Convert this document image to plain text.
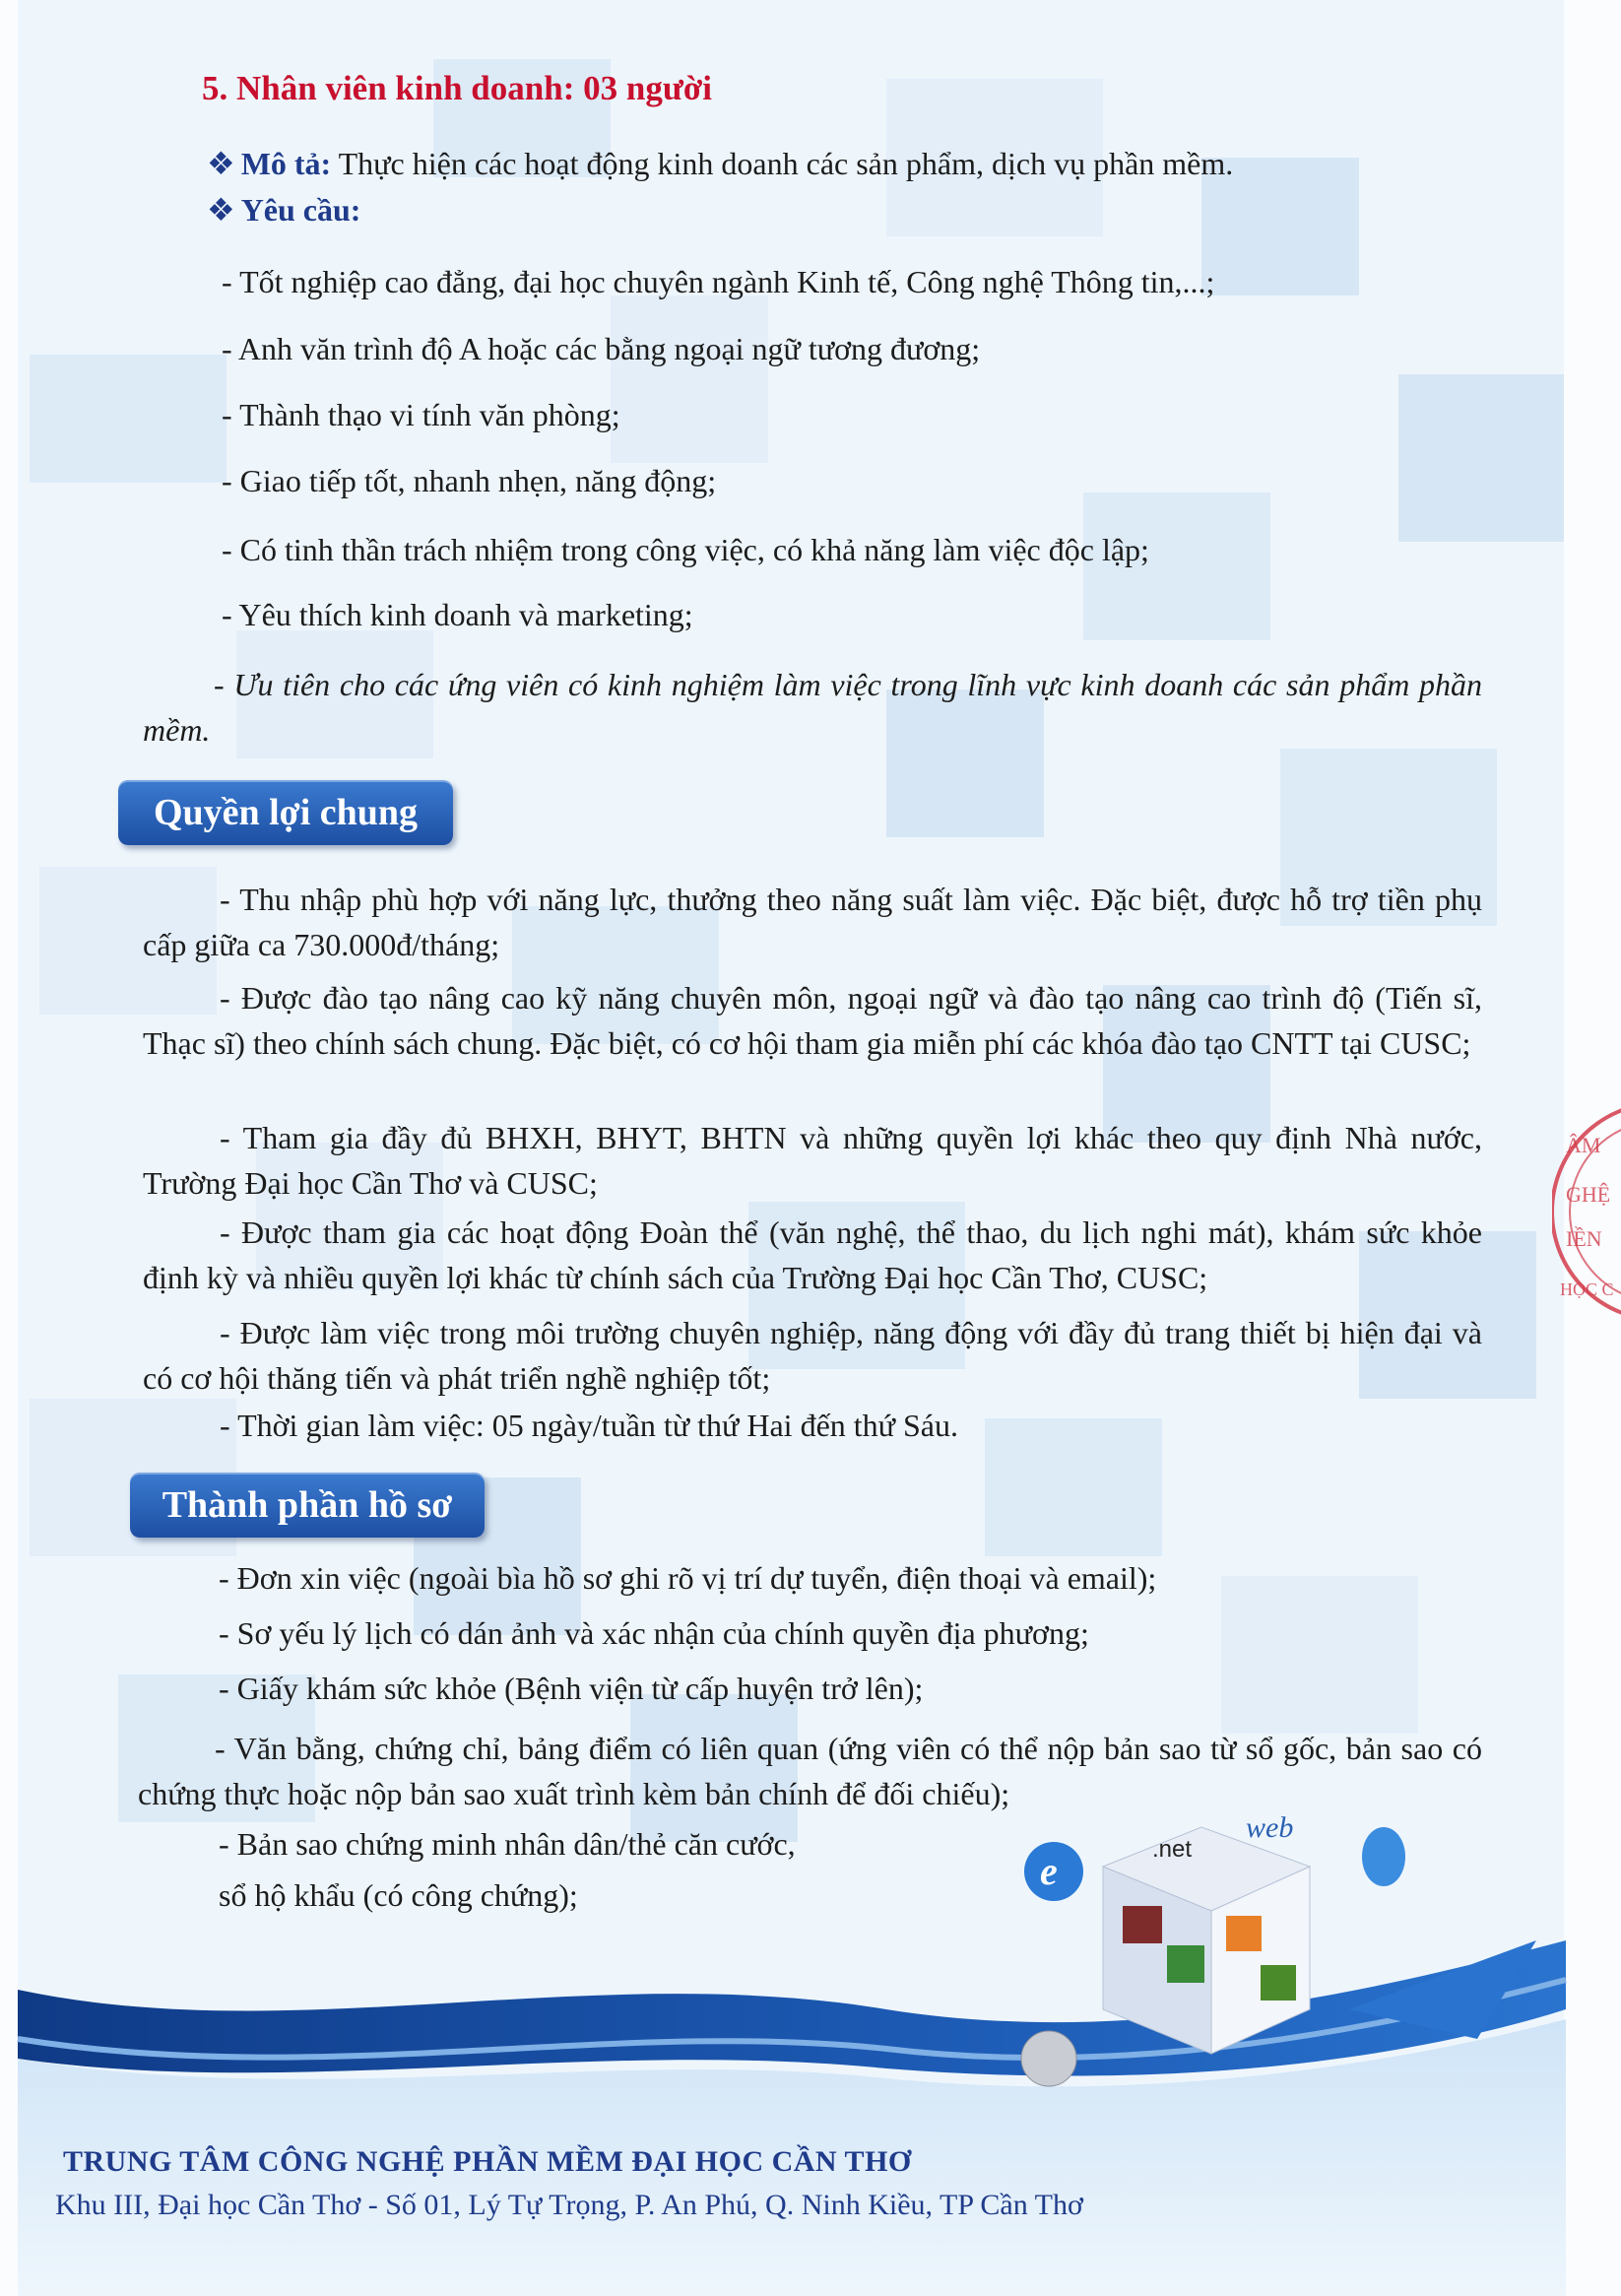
.net
web
e
ÂM
GHỆ
IỀN
HỌC C
5. Nhân viên kinh doanh: 03 người
❖ Mô tả: Thực hiện các hoạt động kinh doanh các sản phẩm, dịch vụ phần mềm.
❖ Yêu cầu:
- Tốt nghiệp cao đẳng, đại học chuyên ngành Kinh tế, Công nghệ Thông tin,...;
- Anh văn trình độ A hoặc các bằng ngoại ngữ tương đương;
- Thành thạo vi tính văn phòng;
- Giao tiếp tốt, nhanh nhẹn, năng động;
- Có tinh thần trách nhiệm trong công việc, có khả năng làm việc độc lập;
- Yêu thích kinh doanh và marketing;
- Ưu tiên cho các ứng viên có kinh nghiệm làm việc trong lĩnh vực kinh doanh các sản phẩm phần mềm.
Quyền lợi chung
- Thu nhập phù hợp với năng lực, thưởng theo năng suất làm việc. Đặc biệt, được hỗ trợ tiền phụ cấp giữa ca 730.000đ/tháng;
- Được đào tạo nâng cao kỹ năng chuyên môn, ngoại ngữ và đào tạo nâng cao trình độ (Tiến sĩ, Thạc sĩ) theo chính sách chung. Đặc biệt, có cơ hội tham gia miễn phí các khóa đào tạo CNTT tại CUSC;
- Tham gia đầy đủ BHXH, BHYT, BHTN và những quyền lợi khác theo quy định Nhà nước, Trường Đại học Cần Thơ và CUSC;
- Được tham gia các hoạt động Đoàn thể (văn nghệ, thể thao, du lịch nghi mát), khám sức khỏe định kỳ và nhiều quyền lợi khác từ chính sách của Trường Đại học Cần Thơ, CUSC;
- Được làm việc trong môi trường chuyên nghiệp, năng động với đầy đủ trang thiết bị hiện đại và có cơ hội thăng tiến và phát triển nghề nghiệp tốt;
- Thời gian làm việc: 05 ngày/tuần từ thứ Hai đến thứ Sáu.
Thành phần hồ sơ
- Đơn xin việc (ngoài bìa hồ sơ ghi rõ vị trí dự tuyển, điện thoại và email);
- Sơ yếu lý lịch có dán ảnh và xác nhận của chính quyền địa phương;
- Giấy khám sức khỏe (Bệnh viện từ cấp huyện trở lên);
- Văn bằng, chứng chỉ, bảng điểm có liên quan (ứng viên có thể nộp bản sao từ sổ gốc, bản sao có chứng thực hoặc nộp bản sao xuất trình kèm bản chính để đối chiếu);
- Bản sao chứng minh nhân dân/thẻ căn cước,
sổ hộ khẩu (có công chứng);
TRUNG TÂM CÔNG NGHỆ PHẦN MỀM ĐẠI HỌC CẦN THƠ
Khu III, Đại học Cần Thơ - Số 01, Lý Tự Trọng, P. An Phú, Q. Ninh Kiều, TP Cần Thơ
